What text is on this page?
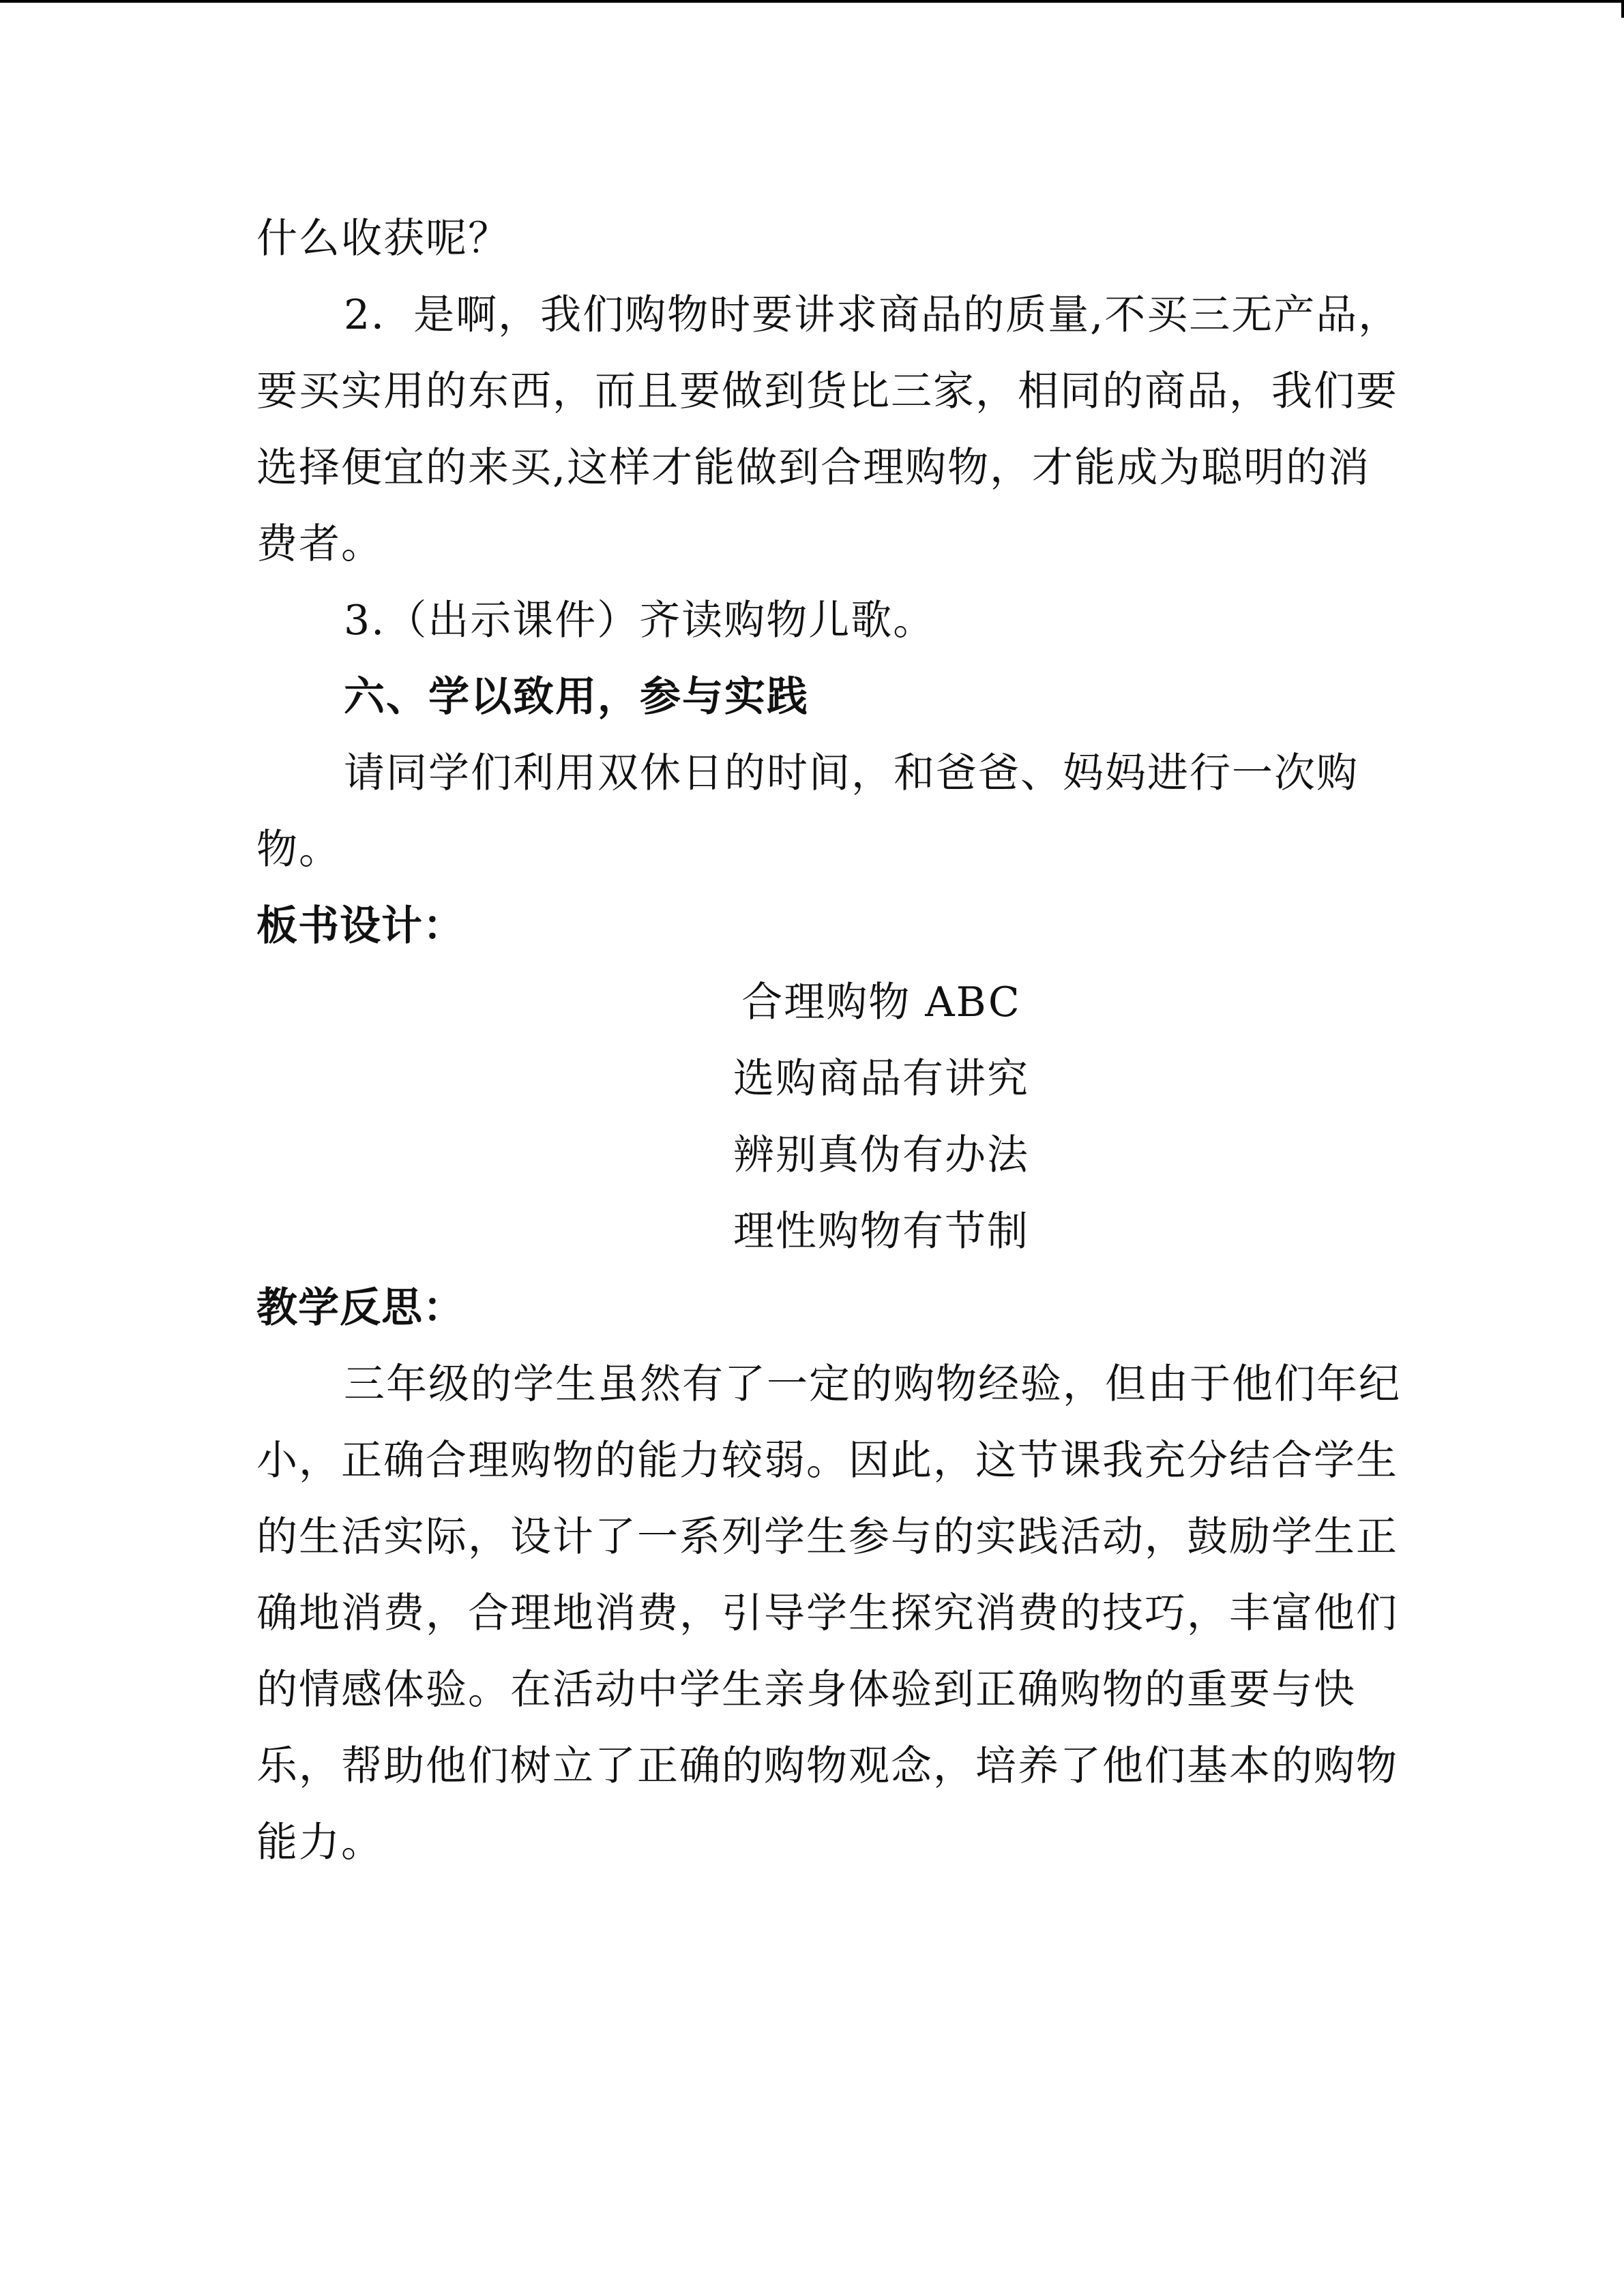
什么收获呢？
2．是啊，我们购物时要讲求商品的质量,不买三无产品，
要买实用的东西，而且要做到货比三家，相同的商品，我们要
选择便宜的来买,这样才能做到合理购物，才能成为聪明的消
费者。
3.（出示课件）齐读购物儿歌。
六、学以致用，参与实践
请同学们利用双休日的时间，和爸爸、妈妈进行一次购
物。
板书设计：
合理购物 ABC
选购商品有讲究
辨别真伪有办法
理性购物有节制
教学反思：
三年级的学生虽然有了一定的购物经验，但由于他们年纪
小，正确合理购物的能力较弱。因此，这节课我充分结合学生
的生活实际，设计了一系列学生参与的实践活动，鼓励学生正
确地消费，合理地消费，引导学生探究消费的技巧，丰富他们
的情感体验。在活动中学生亲身体验到正确购物的重要与快
乐，帮助他们树立了正确的购物观念，培养了他们基本的购物
能力。
